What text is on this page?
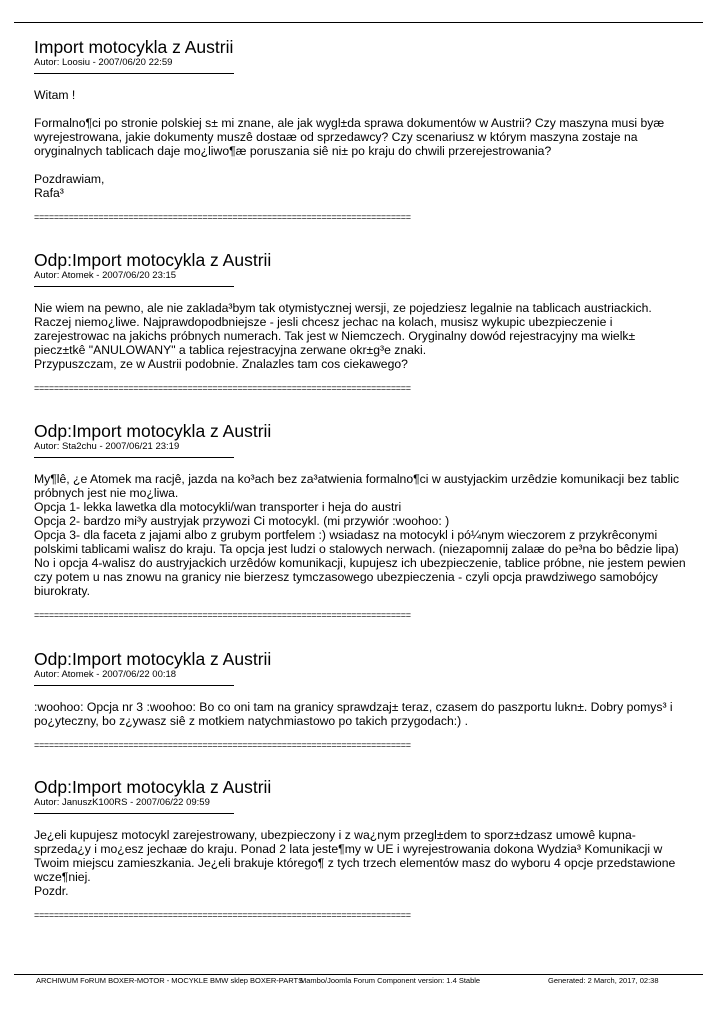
Import motocykla z Austrii
Autor: Loosiu - 2007/06/20 22:59
Witam !

Formalno¶ci po stronie polskiej s± mi znane, ale jak wygl±da sprawa dokumentów w Austrii? Czy maszyna musi byæ wyrejestrowana, jakie dokumenty muszê dostaæ od sprzedawcy? Czy scenariusz w którym maszyna zostaje na oryginalnych tablicach daje mo¿liwo¶æ poruszania siê ni± po kraju do chwili przerejestrowania?

Pozdrawiam,
Rafa³
============================================================================
Odp:Import motocykla z Austrii
Autor: Atomek - 2007/06/20 23:15
Nie wiem na pewno, ale nie zaklada³bym tak otymistycznej wersji, ze pojedziesz legalnie na tablicach austriackich. Raczej niemo¿liwe. Najprawdopodbniejsze - jesli chcesz jechac na kolach, musisz wykupic ubezpieczenie i zarejestrowac na jakichs próbnych numerach. Tak jest w Niemczech. Oryginalny dowód rejestracyjny ma wielk± piecz±tkê "ANULOWANY" a tablica rejestracyjna zerwane okr±g³e znaki.
Przypuszczam, ze w Austrii podobnie. Znalazles tam cos ciekawego?
============================================================================
Odp:Import motocykla z Austrii
Autor: Sta2chu - 2007/06/21 23:19
My¶lê, ¿e Atomek ma racjê, jazda na ko³ach bez za³atwienia formalno¶ci w austyjackim urzêdzie komunikacji bez tablic próbnych jest nie mo¿liwa.
Opcja 1- lekka lawetka dla motocykli/wan transporter i heja do austri
Opcja 2- bardzo mi³y austryjak przywozi Ci motocykl. (mi przywiór :woohoo: )
Opcja 3- dla faceta z jajami albo z grubym portfelem :) wsiadasz na motocykl i pó¼nym wieczorem z przykrêconymi polskimi tablicami walisz do kraju. Ta opcja jest ludzi o stalowych nerwach. (niezapomnij zalaæ do pe³na bo bêdzie lipa)
No i opcja 4-walisz do austryjackich urzêdów komunikacji, kupujesz ich ubezpieczenie, tablice próbne, nie jestem pewien czy potem u nas znowu na granicy nie bierzesz tymczasowego ubezpieczenia - czyli opcja prawdziwego samobójcy biurokraty.
============================================================================
Odp:Import motocykla z Austrii
Autor: Atomek - 2007/06/22 00:18
:woohoo: Opcja nr 3 :woohoo: Bo co oni tam na granicy sprawdzaj± teraz, czasem do paszportu lukn±. Dobry pomys³ i po¿yteczny, bo z¿ywasz siê z motkiem natychmiastowo po takich przygodach:) .
============================================================================
Odp:Import motocykla z Austrii
Autor: JanuszK100RS - 2007/06/22 09:59
Je¿eli kupujesz motocykl zarejestrowany, ubezpieczony i z wa¿nym przegl±dem to sporz±dzasz umowê kupna-sprzeda¿y i mo¿esz jechaæ do kraju. Ponad 2 lata jeste¶my w UE i wyrejestrowania dokona Wydzia³ Komunikacji w Twoim miejscu zamieszkania. Je¿eli brakuje którego¶ z tych trzech elementów masz do wyboru 4 opcje przedstawione wcze¶niej.
Pozdr.
============================================================================
ARCHIWUM FoRUM BOXER-MOTOR - MOCYKLE BMW sklep BOXER-PARTS
Mambo/Joomla Forum Component version: 1.4 Stable	Generated: 2 March, 2017, 02:38
